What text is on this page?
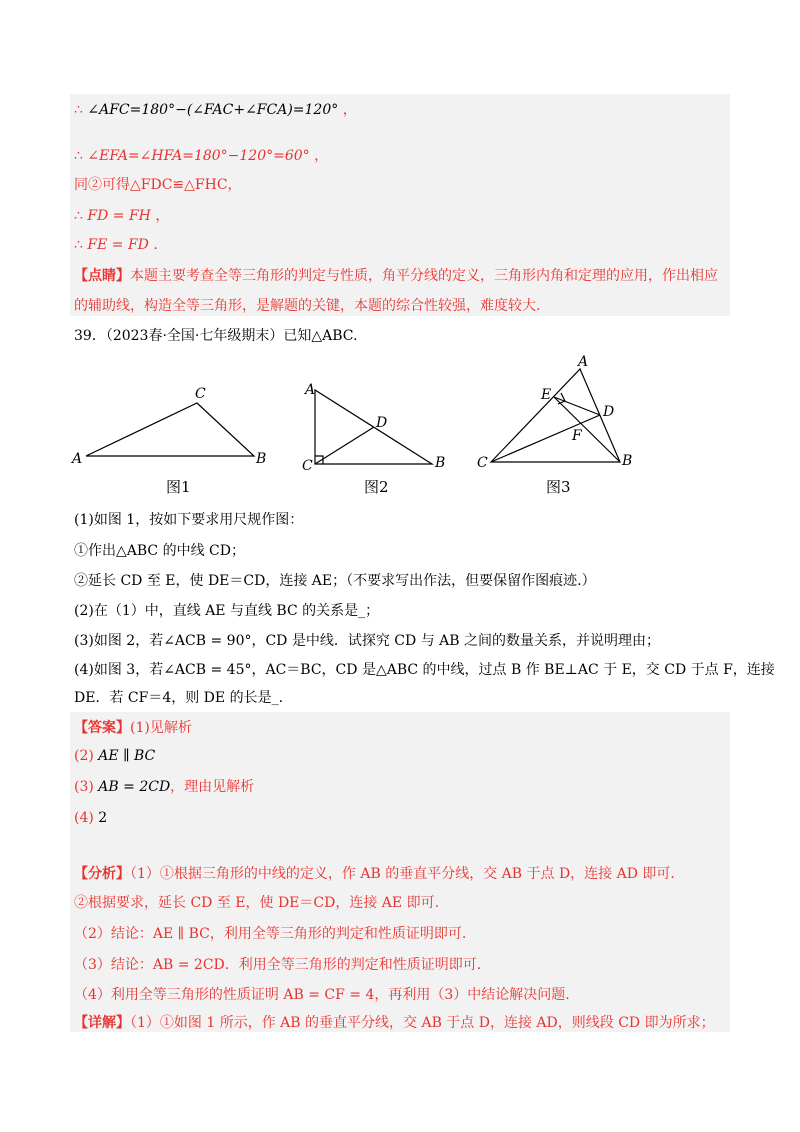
∴ ∠AFC=180°−(∠FAC+∠FCA)=120° ，
∴ ∠EFA=∠HFA=180°−120°=60° ，
同②可得△FDC≌△FHC，
∴ FD = FH ，
∴ FE = FD .
【点睛】本题主要考查全等三角形的判定与性质，角平分线的定义，三角形内角和定理的应用，作出相应
的辅助线，构造全等三角形，是解题的关键，本题的综合性较强，难度较大.
39．（2023春·全国·七年级期末）已知△ABC.
A	B
C
图1
A
B
C
D
图2
A
B
C
D
E
F
图3
(1)如图 1，按如下要求用尺规作图：
①作出△ABC 的中线 CD；
②延长 CD 至 E，使 DE＝CD，连接 AE；（不要求写出作法，但要保留作图痕迹.）
(2)在（1）中，直线 AE 与直线 BC 的关系是_；
(3)如图 2，若∠ACB = 90°，CD 是中线．试探究 CD 与 AB 之间的数量关系，并说明理由；
(4)如图 3，若∠ACB = 45°，AC＝BC，CD 是△ABC 的中线，过点 B 作 BE⊥AC 于 E，交 CD 于点 F，连接
DE．若 CF＝4，则 DE 的长是_.
【答案】(1)见解析
(2) AE ∥ BC
(3) AB = 2CD，理由见解析
(4) 2
【分析】（1）①根据三角形的中线的定义，作 AB 的垂直平分线，交 AB 于点 D，连接 AD 即可.
②根据要求，延长 CD 至 E，使 DE＝CD，连接 AE 即可.
（2）结论：AE ∥ BC，利用全等三角形的判定和性质证明即可.
（3）结论：AB = 2CD．利用全等三角形的判定和性质证明即可.
（4）利用全等三角形的性质证明 AB = CF = 4，再利用（3）中结论解决问题.
【详解】（1）①如图 1 所示，作 AB 的垂直平分线，交 AB 于点 D，连接 AD，则线段 CD 即为所求；
